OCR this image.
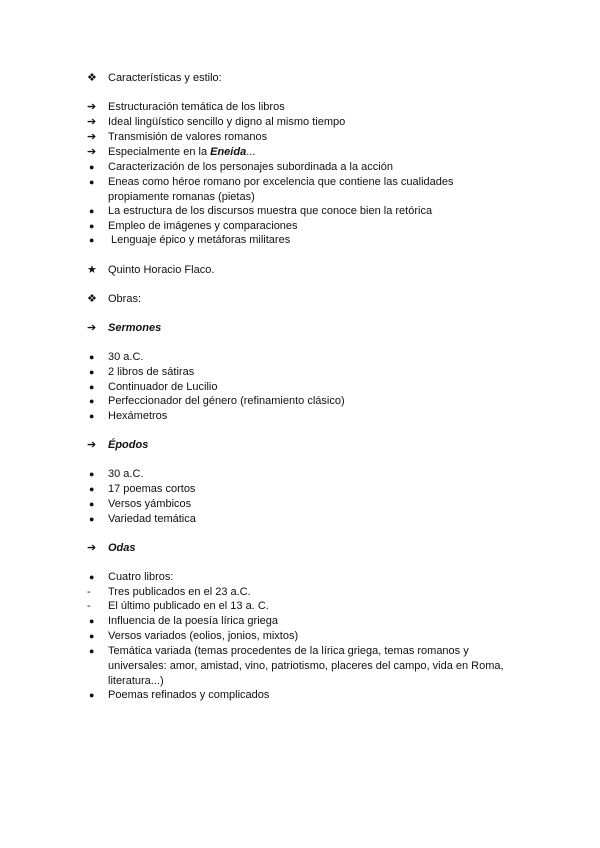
❖	Características y estilo:
➔	Estructuración temática de los libros
➔	Ideal lingüístico sencillo y digno al mismo tiempo
➔	Transmisión de valores romanos
➔	Especialmente en la Eneida...
●	Caracterización de los personajes subordinada a la acción
●	Eneas como héroe romano por excelencia que contiene las cualidades propiamente romanas (pietas)
●	La estructura de los discursos muestra que conoce bien la retórica
●	Empleo de imágenes y comparaciones
●	Lenguaje épico y metáforas militares
★	Quinto Horacio Flaco.
❖	Obras:
➔	Sermones
●	30 a.C.
●	2 libros de sátiras
●	Continuador de Lucilio
●	Perfeccionador del género (refinamiento clásico)
●	Hexámetros
➔	Épodos
●	30 a.C.
●	17 poemas cortos
●	Versos yámbicos
●	Variedad temática
➔	Odas
●	Cuatro libros:
-	Tres publicados en el 23 a.C.
-	El último publicado en el 13 a. C.
●	Influencia de la poesía lírica griega
●	Versos variados (eolios, jonios, mixtos)
●	Temática variada (temas procedentes de la lírica griega, temas romanos y universales: amor, amistad, vino, patriotismo, placeres del campo, vida en Roma, literatura...)
●	Poemas refinados y complicados
